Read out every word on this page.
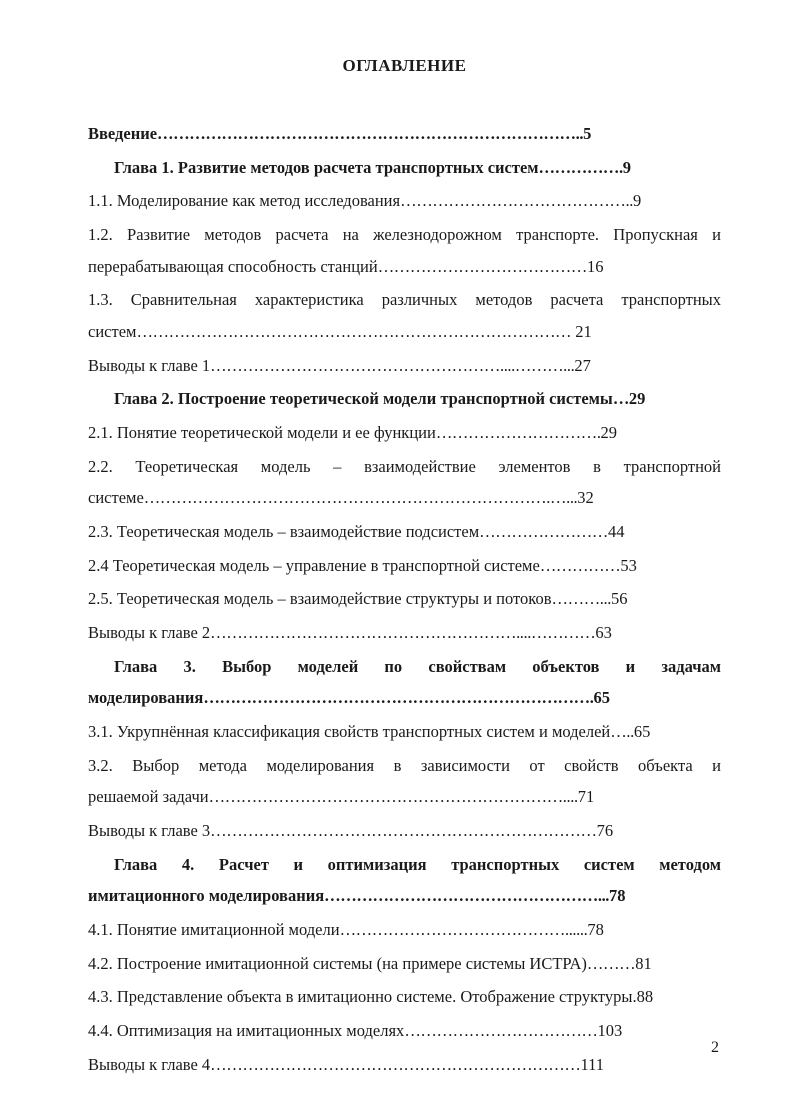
ОГЛАВЛЕНИЕ
Введение……………………………………………………………………..5
Глава 1. Развитие методов расчета транспортных систем…………….9
1.1. Моделирование как метод исследования……………………………………..9
1.2. Развитие методов расчета на железнодорожном транспорте. Пропускная и
перерабатывающая способность станций…………………………………16
1.3. Сравнительная характеристика различных методов расчета транспортных
систем……………………………………………………………………… 21
Выводы к главе 1………………………………………………....………...27
Глава 2. Построение теоретической модели транспортной системы…29
2.1. Понятие теоретической модели и ее функции………………………….29
2.2. Теоретическая модель – взаимодействие элементов в транспортной
системе………………………………………………………………….…...32
2.3. Теоретическая модель – взаимодействие подсистем……………………44
2.4 Теоретическая модель – управление в транспортной системе……………53
2.5. Теоретическая модель – взаимодействие структуры и потоков………...56
Выводы к главе 2…………………………………………………....…………63
Глава 3. Выбор моделей по свойствам объектов и задачам
моделирования……………………………………………………………….65
3.1. Укрупнённая классификация свойств транспортных систем и моделей…..65
3.2. Выбор метода моделирования в зависимости от свойств объекта и
решаемой задачи…………………………………………………………....71
Выводы к главе 3………………………………………………………………76
Глава 4. Расчет и оптимизация транспортных систем методом
имитационного моделирования……………………………………………...78
4.1. Понятие имитационной модели……………………………………......78
4.2. Построение имитационной системы (на примере системы ИСТРА)………81
4.3. Представление объекта в имитационно системе. Отображение структуры.88
4.4. Оптимизация на имитационных моделях………………………………103
Выводы к главе 4……………………………………………………………111
2
